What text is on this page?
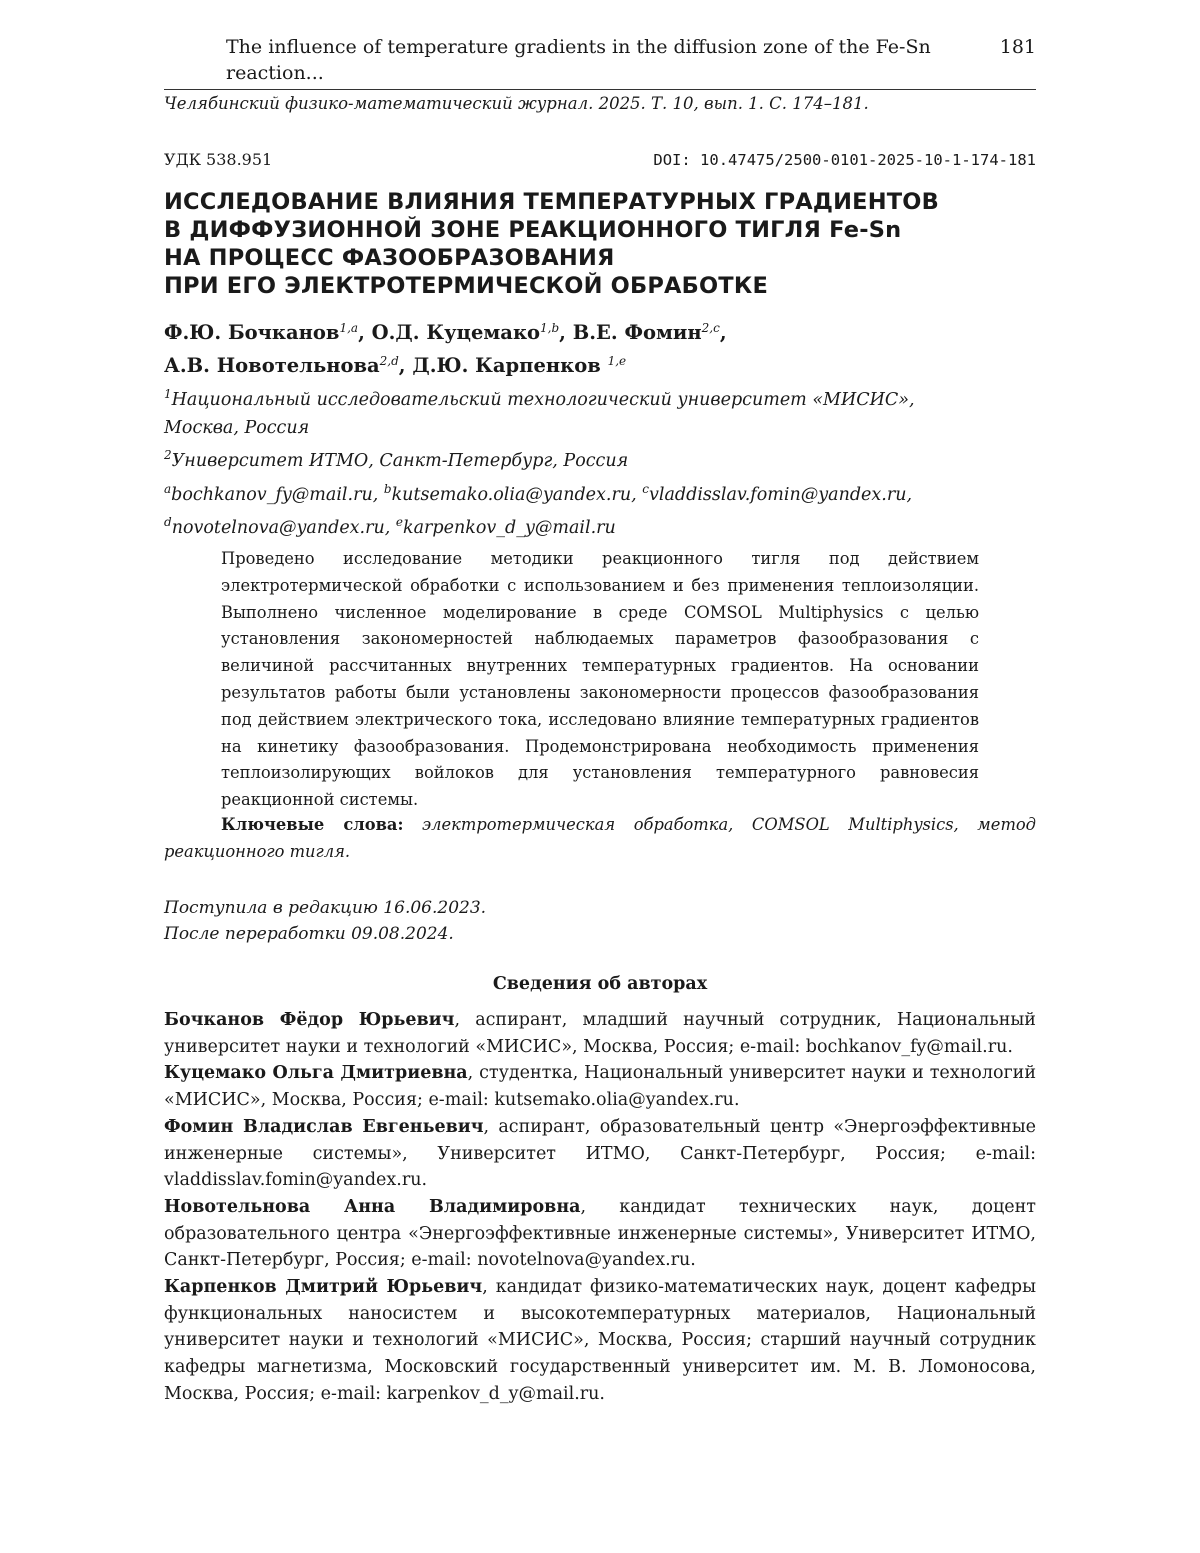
The influence of temperature gradients in the diffusion zone of the Fe-Sn reaction...
181
Челябинский физико-математический журнал. 2025. Т. 10, вып. 1. С. 174–181.
УДК 538.951	DOI: 10.47475/2500-0101-2025-10-1-174-181
ИССЛЕДОВАНИЕ ВЛИЯНИЯ ТЕМПЕРАТУРНЫХ ГРАДИЕНТОВ
В ДИФФУЗИОННОЙ ЗОНЕ РЕАКЦИОННОГО ТИГЛЯ Fe-Sn
НА ПРОЦЕСС ФАЗООБРАЗОВАНИЯ
ПРИ ЕГО ЭЛЕКТРОТЕРМИЧЕСКОЙ ОБРАБОТКЕ
Ф.Ю. Бочканов$^{1,a}$, О.Д. Куцемако$^{1,b}$, В.Е. Фомин$^{2,c}$,
А.В. Новотельнова$^{2,d}$, Д.Ю. Карпенков $^{1,e}$
$^1$Национальный исследовательский технологический университет «МИСИС»,
Москва, Россия
$^2$Университет ИТМО, Санкт-Петербург, Россия
$^a$bochkanov_fy@mail.ru, $^b$kutsemako.olia@yandex.ru, $^c$vladdisslav.fomin@yandex.ru,
$^d$novotelnova@yandex.ru, $^e$karpenkov_d_y@mail.ru
Проведено исследование методики реакционного тигля под действием электротермической обработки с использованием и без применения теплоизоляции. Выполнено численное моделирование в среде COMSOL Multiphysics с целью установления закономерностей наблюдаемых параметров фазообразования с величиной рассчитанных внутренних температурных градиентов. На основании результатов работы были установлены закономерности процессов фазообразования под действием электрического тока, исследовано влияние температурных градиентов на кинетику фазообразования. Продемонстрирована необходимость применения теплоизолирующих войлоков для установления температурного равновесия реакционной системы.
Ключевые слова: электротермическая обработка, COMSOL Multiphysics, метод реакционного тигля.
Поступила в редакцию 16.06.2023.
После переработки 09.08.2024.
Сведения об авторах

Бочканов Фёдор Юрьевич, аспирант, младший научный сотрудник, Национальный университет науки и технологий «МИСИС», Москва, Россия; e-mail: bochkanov_fy@mail.ru.

Куцемако Ольга Дмитриевна, студентка, Национальный университет науки и технологий «МИСИС», Москва, Россия; e-mail: kutsemako.olia@yandex.ru.

Фомин Владислав Евгеньевич, аспирант, образовательный центр «Энергоэффективные инженерные системы», Университет ИТМО, Санкт-Петербург, Россия; e-mail: vladdisslav.fomin@yandex.ru.

Новотельнова Анна Владимировна, кандидат технических наук, доцент образовательного центра «Энергоэффективные инженерные системы», Университет ИТМО, Санкт-Петербург, Россия; e-mail: novotelnova@yandex.ru.

Карпенков Дмитрий Юрьевич, кандидат физико-математических наук, доцент кафедры функциональных наносистем и высокотемпературных материалов, Национальный университет науки и технологий «МИСИС», Москва, Россия; старший научный сотрудник кафедры магнетизма, Московский государственный университет им. М. В. Ломоносова, Москва, Россия; e-mail: karpenkov_d_y@mail.ru.
